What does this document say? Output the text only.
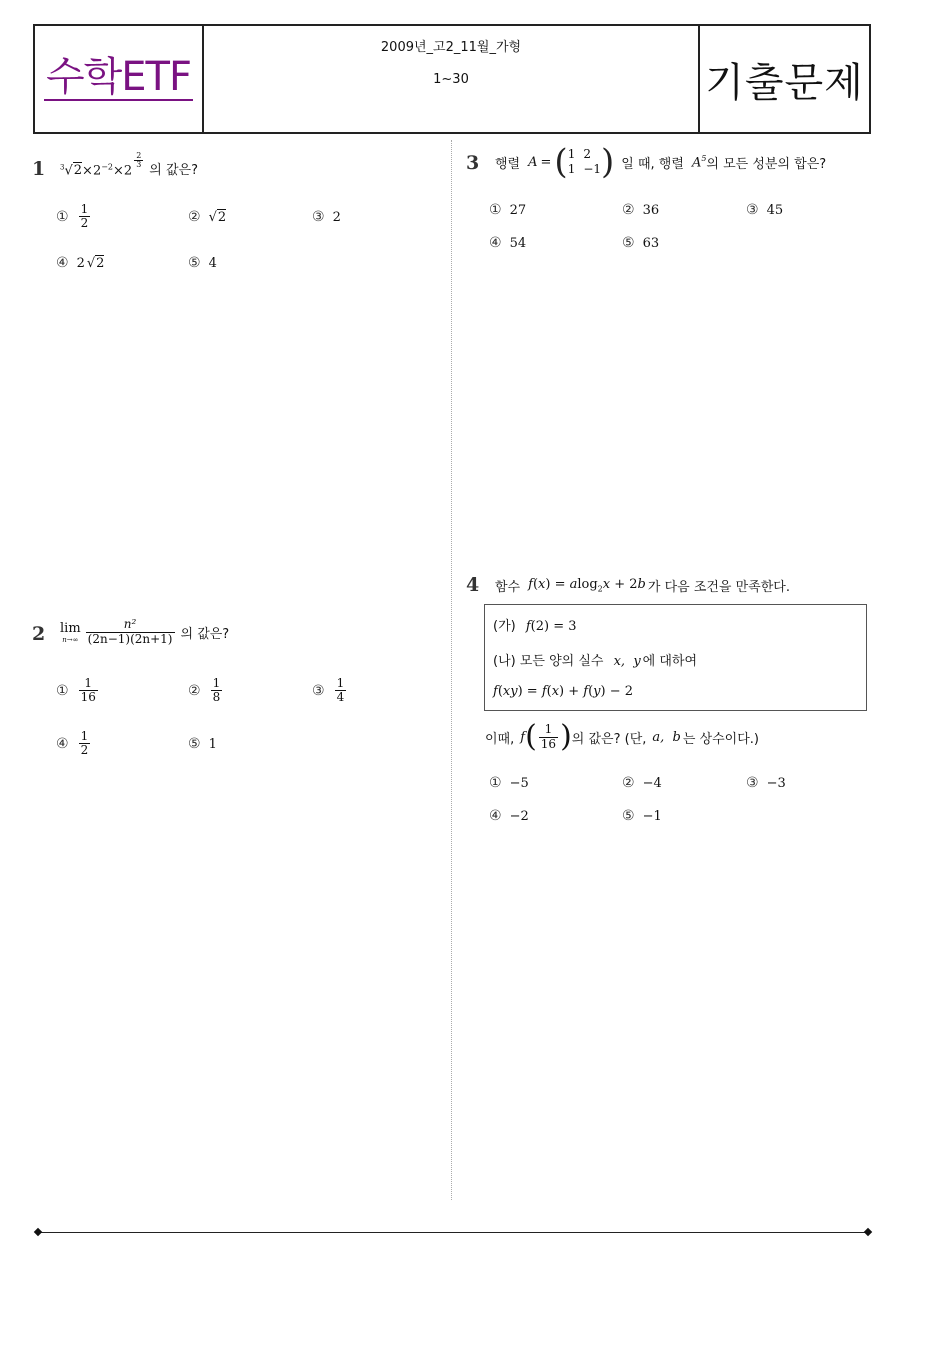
수학ETF
2009년_고2_11월_가형
1~30	기출문제
1 $^3√2\times 2^{-2}\times 2$
$^{\frac{2}{3}}$ 의 값은?
① $\frac{1}{2}$	② √2	③ 2
④ 2 √2	⑤ 4
2 lim
$n\to\infty \frac{\text{n²}}{(2n-1)(2n+1)}$ 의 값은?
① $\frac{1}{16}$	② $\frac{1}{8}$	③ $\frac{1}{4}$
④ $\frac{1}{2}$	⑤ 1
3 행렬 A = ( 1 2
1 −1 ) 일 때, 행렬 $A^5$ 의 모든 성분의 합은?
① 27	② 36	③ 45
④ 54	⑤ 63
4 함수 f(x) = alog$_2$x + 2b 가 다음 조건을 만족한다.
(가) f(2) = 3
(나) 모든 양의 실수 x,  y 에 대하여
f(xy) = f(x) + f(y) − 2
이때, f ( $\frac{1}{16}$ ) 의 값은? (단, a,  b 는 상수이다.)
① −5	② −4	③ −3
④ −2	⑤ −1
